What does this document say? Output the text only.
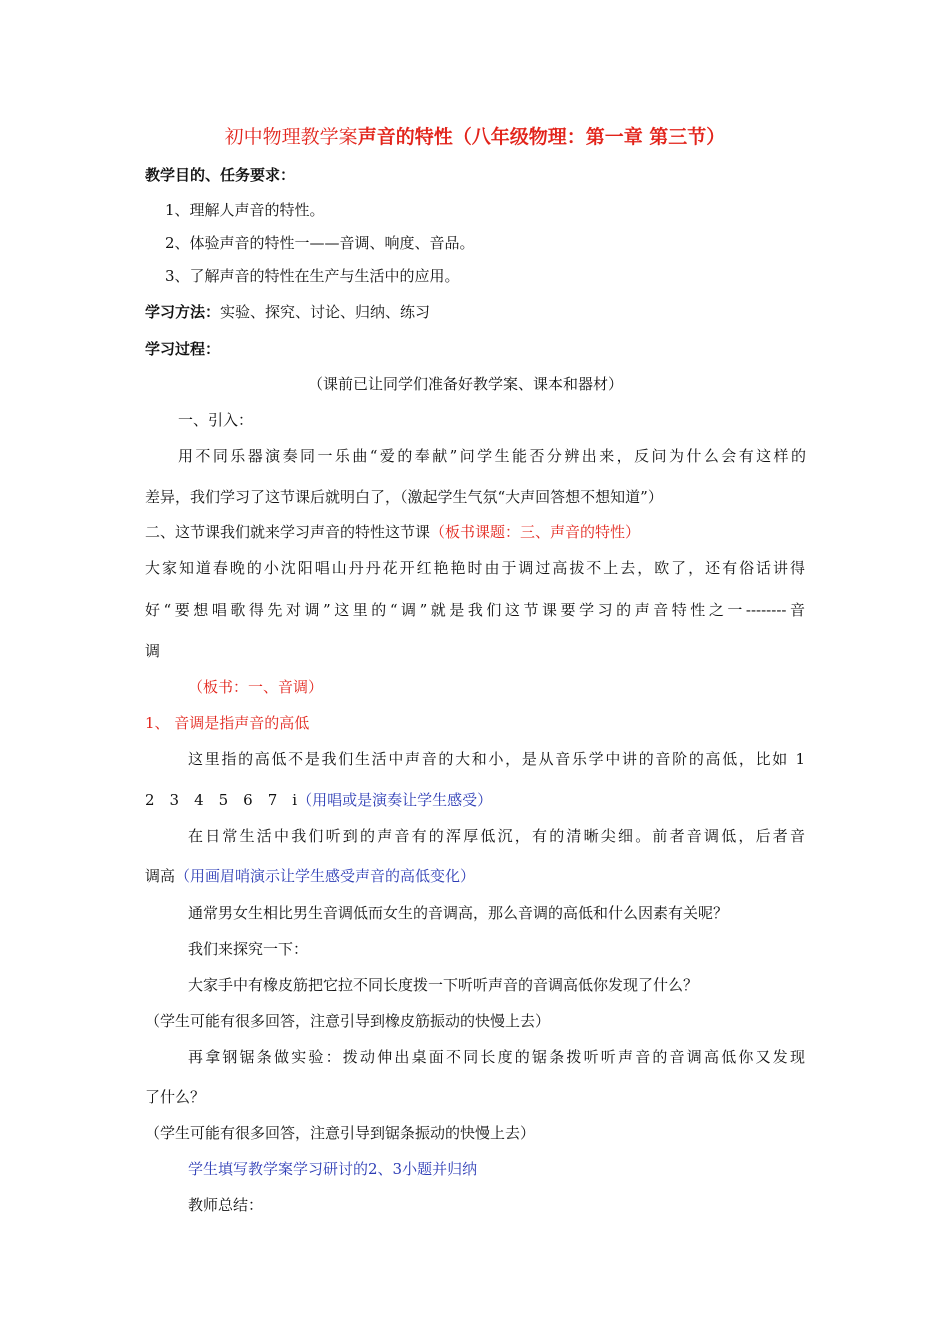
初中物理教学案声音的特性（八年级物理：第一章 第三节）
教学目的、任务要求：
1、理解人声音的特性。
2、体验声音的特性一——音调、响度、音品。
3、了解声音的特性在生产与生活中的应用。
学习方法：实验、探究、讨论、归纳、练习
学习过程：
（课前已让同学们准备好教学案、课本和器材）
一、引入：
用不同乐器演奏同一乐曲“爱的奉献”问学生能否分辨出来，反问为什么会有这样的
差异，我们学习了这节课后就明白了，（激起学生气氛“大声回答想不想知道”）
二、这节课我们就来学习声音的特性这节课（板书课题：三、声音的特性）
大家知道春晚的小沈阳唱山丹丹花开红艳艳时由于调过高拔不上去，欧了，还有俗话讲得
好“要想唱歌得先对调”这里的“调”就是我们这节课要学习的声音特性之一--------音
调
（板书：一、音调）
1、 音调是指声音的高低
这里指的高低不是我们生活中声音的大和小，是从音乐学中讲的音阶的高低，比如 1
2　3　4　5　6　7　i（用唱或是演奏让学生感受）
在日常生活中我们听到的声音有的浑厚低沉，有的清晰尖细。前者音调低，后者音
调高（用画眉哨演示让学生感受声音的高低变化）
通常男女生相比男生音调低而女生的音调高，那么音调的高低和什么因素有关呢？
我们来探究一下：
大家手中有橡皮筋把它拉不同长度拨一下听听声音的音调高低你发现了什么？
（学生可能有很多回答，注意引导到橡皮筋振动的快慢上去）
再拿钢锯条做实验：拨动伸出桌面不同长度的锯条拨听听声音的音调高低你又发现
了什么？
（学生可能有很多回答，注意引导到锯条振动的快慢上去）
学生填写教学案学习研讨的2、3小题并归纳
教师总结：
